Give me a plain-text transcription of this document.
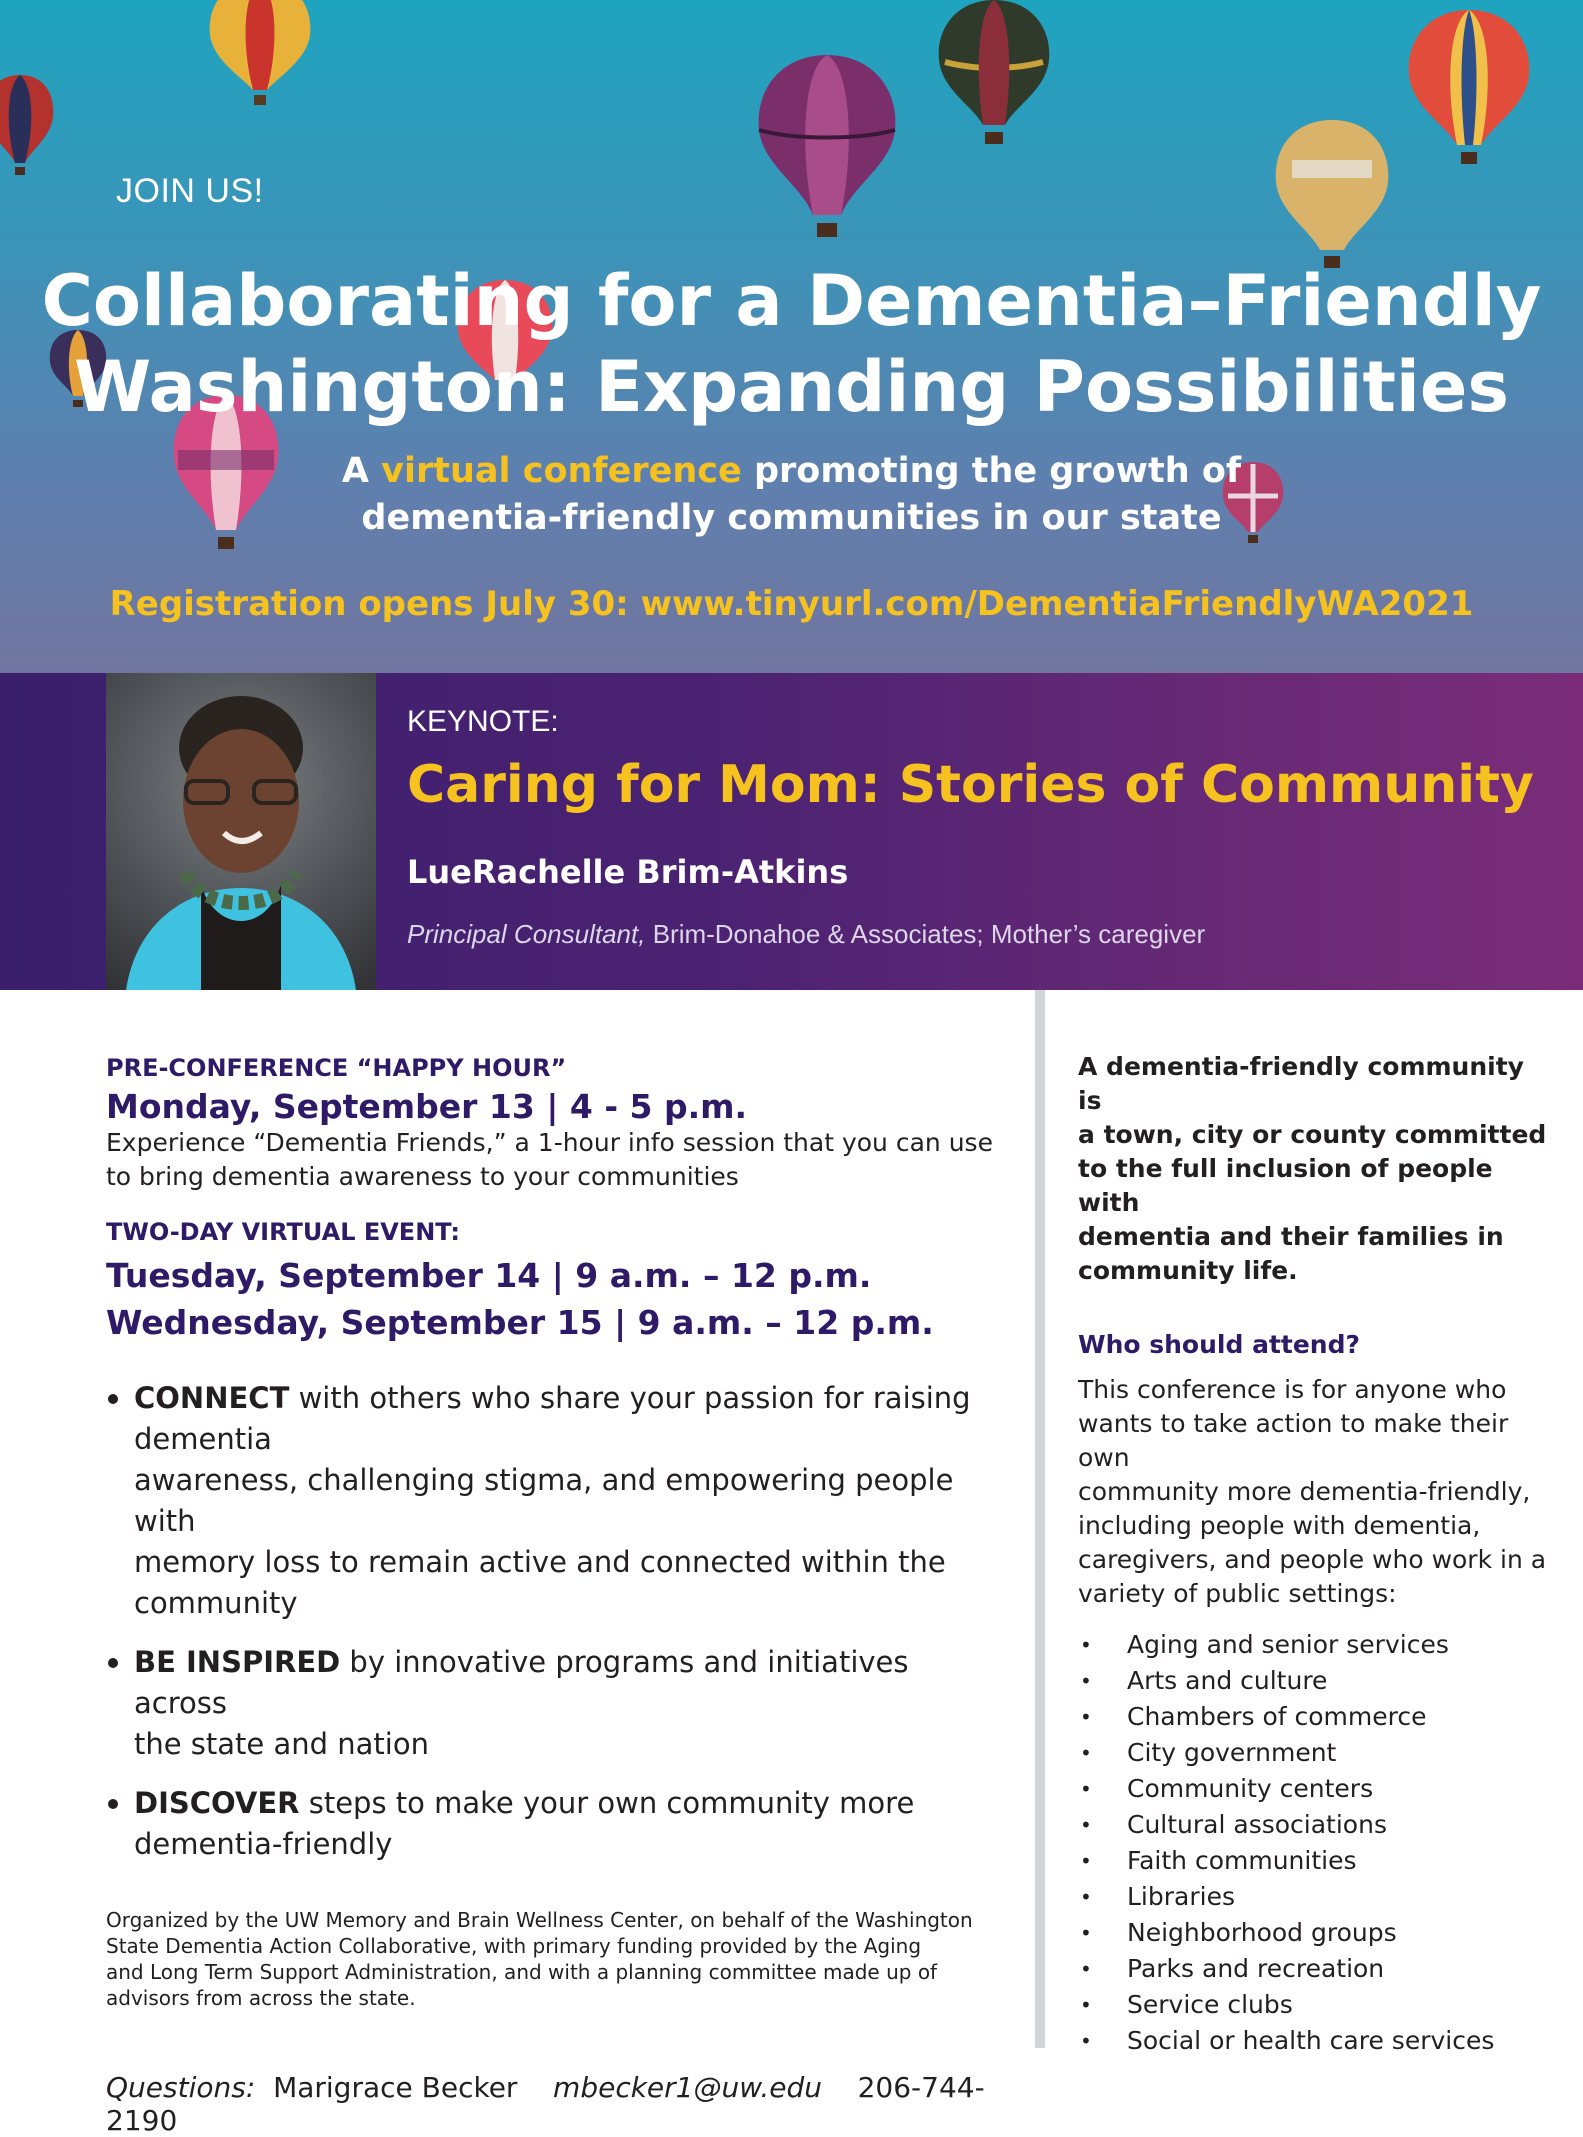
JOIN US!
Collaborating for a Dementia–Friendly
Washington: Expanding Possibilities
A virtual conference promoting the growth of
dementia-friendly communities in our state
Registration opens July 30: www.tinyurl.com/DementiaFriendlyWA2021
KEYNOTE:
Caring for Mom: Stories of Community
LueRachelle Brim-Atkins
Principal Consultant, Brim-Donahoe & Associates; Mother’s caregiver
PRE-CONFERENCE “HAPPY HOUR”
Monday, September 13 | 4 - 5 p.m.
Experience “Dementia Friends,” a 1-hour info session that you can use
to bring dementia awareness to your communities
TWO-DAY VIRTUAL EVENT:
Tuesday, September 14 | 9 a.m. – 12 p.m.
Wednesday, September 15 | 9 a.m. – 12 p.m.
CONNECT with others who share your passion for raising dementia
awareness, challenging stigma, and empowering people with
memory loss to remain active and connected within the community
BE INSPIRED by innovative programs and initiatives across
the state and nation
DISCOVER steps to make your own community more
dementia-friendly
Organized by the UW Memory and Brain Wellness Center, on behalf of the Washington
State Dementia Action Collaborative, with primary funding provided by the Aging
and Long Term Support Administration, and with a planning committee made up of
advisors from across the state.
Questions: Marigrace Becker mbecker1@uw.edu 206-744-2190
A dementia-friendly community is
a town, city or county committed
to the full inclusion of people with
dementia and their families in
community life.
Who should attend?
This conference is for anyone who
wants to take action to make their own
community more dementia-friendly,
including people with dementia,
caregivers, and people who work in a
variety of public settings:
• Aging and senior services
• Arts and culture
• Chambers of commerce
• City government
• Community centers
• Cultural associations
• Faith communities
• Libraries
• Neighborhood groups
• Parks and recreation
• Service clubs
• Social or health care services
